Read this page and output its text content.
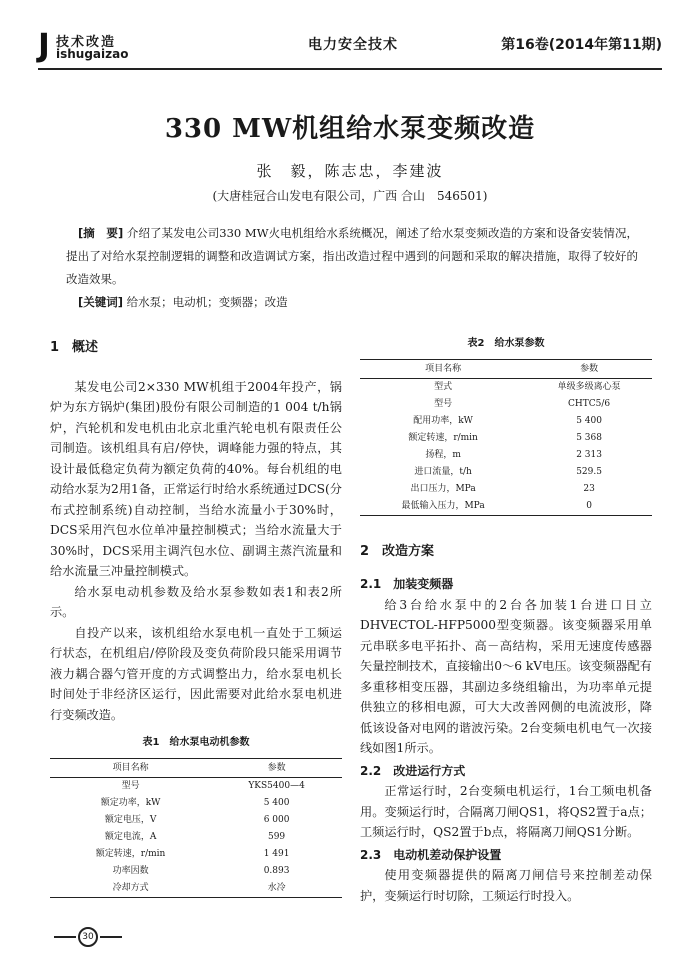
J 技术改造
ishugaizao
电力安全技术	第16卷(2014年第11期)
330 MW机组给水泵变频改造
张　毅，陈志忠，李建波
(大唐桂冠合山发电有限公司，广西 合山　546501)
[摘　要] 介绍了某发电公司330 MW火电机组给水系统概况，阐述了给水泵变频改造的方案和设备安装情况，提出了对给水泵控制逻辑的调整和改造调试方案，指出改造过程中遇到的问题和采取的解决措施，取得了较好的改造效果。
[关键词] 给水泵；电动机；变频器；改造
1　概述
某发电公司2×330 MW机组于2004年投产，锅炉为东方锅炉(集团)股份有限公司制造的1 004 t/h锅炉，汽轮机和发电机由北京北重汽轮电机有限责任公司制造。该机组具有启/停快，调峰能力强的特点，其设计最低稳定负荷为额定负荷的40%。每台机组的电动给水泵为2用1备，正常运行时给水系统通过DCS(分布式控制系统)自动控制，当给水流量小于30%时，DCS采用汽包水位单冲量控制模式；当给水流量大于30%时，DCS采用主调汽包水位、副调主蒸汽流量和给水流量三冲量控制模式。
给水泵电动机参数及给水泵参数如表1和表2所示。
自投产以来，该机组给水泵电机一直处于工频运行状态，在机组启/停阶段及变负荷阶段只能采用调节液力耦合器勺管开度的方式调整出力，给水泵电机长时间处于非经济区运行，因此需要对此给水泵电机进行变频改造。
表1　给水泵电动机参数
项目名称	参数
型号	YKS5400—4
额定功率，kW	5 400
额定电压，V	6 000
额定电流，A	599
额定转速，r/min	1 491
功率因数	0.893
冷却方式	水冷
表2　给水泵参数
项目名称	参数
型式	单级多级离心泵
型号	CHTC5/6
配用功率，kW	5 400
额定转速，r/min	5 368
扬程，m	2 313
进口流量，t/h	529.5
出口压力，MPa	23
最低输入压力，MPa	0
2　改造方案
2.1　加装变频器
给3台给水泵中的2台各加装1台进口日立DHVECTOL-HFP5000型变频器。该变频器采用单元串联多电平拓扑、高－高结构，采用无速度传感器矢量控制技术，直接输出0～6 kV电压。该变频器配有多重移相变压器，其副边多绕组输出，为功率单元提供独立的移相电源，可大大改善网侧的电流波形，降低该设备对电网的谐波污染。2台变频电机电气一次接线如图1所示。
2.2　改进运行方式
正常运行时，2台变频电机运行，1台工频电机备用。变频运行时，合隔离刀闸QS1，将QS2置于a点；工频运行时，QS2置于b点，将隔离刀闸QS1分断。
2.3　电动机差动保护设置
使用变频器提供的隔离刀闸信号来控制差动保护，变频运行时切除，工频运行时投入。
30
